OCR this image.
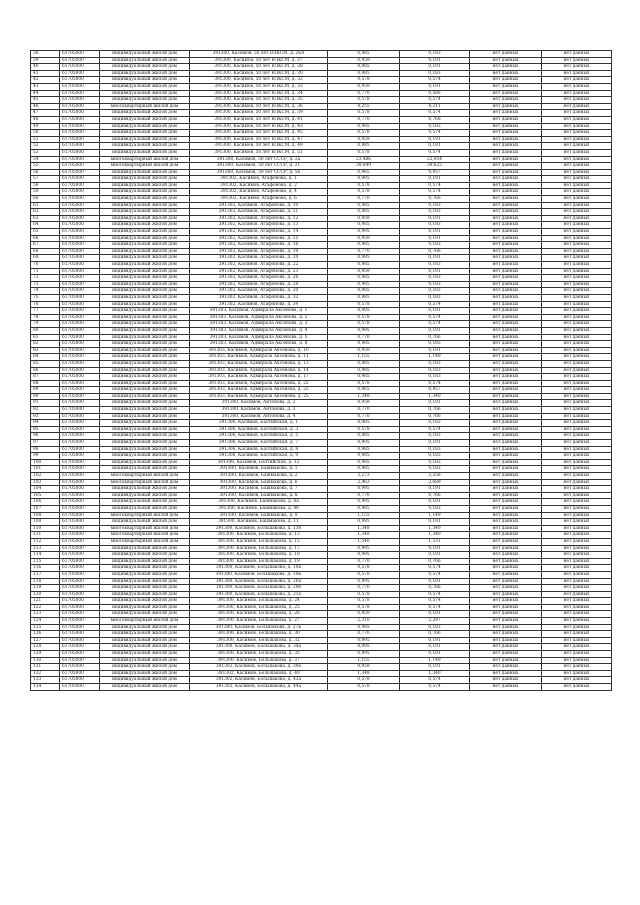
38	61705000	индивидуальный жилой дом	391300, Касимов, 50 лет ВЛКСМ, д. 26А	0,985	0,183	нет данных	нет данных
39	61705000	индивидуальный жилой дом	391300, Касимов, 50 лет ВЛКСМ, д. 27	0,959	0,191	нет данных	нет данных
40	61705000	индивидуальный жилой дом	391300, Касимов, 50 лет ВЛКСМ, д. 28	0,985	0,191	нет данных	нет данных
41	61705000	индивидуальный жилой дом	391300, Касимов, 50 лет ВЛКСМ, д. 30	0,985	0,183	нет данных	нет данных
42	61705000	индивидуальный жилой дом	391300, Касимов, 50 лет ВЛКСМ, д. 32	0,578	0,574	нет данных	нет данных
43	61705000	индивидуальный жилой дом	391300, Касимов, 50 лет ВЛКСМ, д. 33	0,959	0,191	нет данных	нет данных
44	61705000	индивидуальный жилой дом	391300, Касимов, 50 лет ВЛКСМ, д. 34	0,770	0,566	нет данных	нет данных
45	61705000	индивидуальный жилой дом	391300, Касимов, 50 лет ВЛКСМ, д. 35	0,578	0,574	нет данных	нет данных
46	61705000	многоквартирный жилой дом	391300, Касимов, 50 лет ВЛКСМ, д. 36	4,255	4,211	нет данных	нет данных
47	61705000	индивидуальный жилой дом	391300, Касимов, 50 лет ВЛКСМ, д. 39	0,578	0,574	нет данных	нет данных
48	61705000	индивидуальный жилой дом	391300, Касимов, 50 лет ВЛКСМ, д. 41	0,770	0,768	нет данных	нет данных
49	61705000	индивидуальный жилой дом	391300, Касимов, 50 лет ВЛКСМ, д. 43	0,985	0,183	нет данных	нет данных
50	61705000	индивидуальный жилой дом	391300, Касимов, 50 лет ВЛКСМ, д. 45	0,578	0,574	нет данных	нет данных
51	61705000	индивидуальный жилой дом	391300, Касимов, 50 лет ВЛКСМ, д. 47	0,959	0,191	нет данных	нет данных
52	61705000	индивидуальный жилой дом	391300, Касимов, 50 лет ВЛКСМ, д. 49	0,985	0,191	нет данных	нет данных
53	61705000	индивидуальный жилой дом	391300, Касимов, 50 лет ВЛКСМ, д. 51	0,578	0,574	нет данных	нет данных
54	61705000	многоквартирный жилой дом	391300, Касимов, 50 лет СССР, д. 2а	23,486	22,954	нет данных	нет данных
55	61705000	многоквартирный жилой дом	391300, Касимов, 50 лет СССР, д. 21	39,849	39,625	нет данных	нет данных
56	61705000	индивидуальный жилой дом	391300, Касимов, 50 лет СССР, д. 56	0,965	0,957	нет данных	нет данных
57	61705000	индивидуальный жилой дом	391302, Касимов, Агафонова, д. 1	0,995	0,191	нет данных	нет данных
58	61705000	индивидуальный жилой дом	391302, Касимов, Агафонова, д. 2	0,578	0,574	нет данных	нет данных
59	61705000	индивидуальный жилой дом	391302, Касимов, Агафонова, д. 4	0,578	0,574	нет данных	нет данных
60	61705000	индивидуальный жилой дом	391302, Касимов, Агафонова, д. 6	0,770	0,766	нет данных	нет данных
61	61705000	индивидуальный жилой дом	391302, Касимов, Агафонова, д. 10	0,985	0,183	нет данных	нет данных
62	61705000	индивидуальный жилой дом	391302, Касимов, Агафонова, д. 11	0,985	0,183	нет данных	нет данных
63	61705000	индивидуальный жилой дом	391302, Касимов, Агафонова, д. 12	0,959	0,191	нет данных	нет данных
64	61705000	индивидуальный жилой дом	391302, Касимов, Агафонова, д. 13	0,985	0,183	нет данных	нет данных
65	61705000	индивидуальный жилой дом	391302, Касимов, Агафонова, д. 14	0,995	0,191	нет данных	нет данных
66	61705000	индивидуальный жилой дом	391302, Касимов, Агафонова, д. 15	0,959	0,191	нет данных	нет данных
67	61705000	индивидуальный жилой дом	391302, Касимов, Агафонова, д. 16	0,985	0,183	нет данных	нет данных
68	61705000	индивидуальный жилой дом	391302, Касимов, Агафонова, д. 19	0,770	0,766	нет данных	нет данных
69	61705000	индивидуальный жилой дом	391302, Касимов, Агафонова, д. 20	0,995	0,191	нет данных	нет данных
70	61705000	индивидуальный жилой дом	391302, Касимов, Агафонова, д. 22	0,985	0,183	нет данных	нет данных
71	61705000	индивидуальный жилой дом	391302, Касимов, Агафонова, д. 23	0,959	0,191	нет данных	нет данных
72	61705000	индивидуальный жилой дом	391302, Касимов, Агафонова, д. 26	0,985	0,183	нет данных	нет данных
73	61705000	индивидуальный жилой дом	391302, Касимов, Агафонова, д. 28	0,985	0,183	нет данных	нет данных
74	61705000	индивидуальный жилой дом	391302, Касимов, Агафонова, д. 30	0,985	0,183	нет данных	нет данных
75	61705000	индивидуальный жилой дом	391302, Касимов, Агафонова, д. 32	0,985	0,183	нет данных	нет данных
76	61705000	индивидуальный жилой дом	391302, Касимов, Агафонова, д. 34	0,578	0,574	нет данных	нет данных
77	61705000	индивидуальный жилой дом	391303, Касимов, Адмирала Аксенова, д. 1	0,995	0,191	нет данных	нет данных
78	61705000	индивидуальный жилой дом	391303, Касимов, Адмирала Аксенова, д. 2	0,578	0,574	нет данных	нет данных
79	61705000	индивидуальный жилой дом	391303, Касимов, Адмирала Аксенова, д. 3	0,578	0,574	нет данных	нет данных
80	61705000	индивидуальный жилой дом	391303, Касимов, Адмирала Аксенова, д. 4	0,995	0,191	нет данных	нет данных
81	61705000	индивидуальный жилой дом	391303, Касимов, Адмирала Аксенова, д. 5	0,770	0,766	нет данных	нет данных
82	61705000	индивидуальный жилой дом	391303, Касимов, Адмирала Аксенова, д. 8	0,985	0,183	нет данных	нет данных
83	61705000	индивидуальный жилой дом	391303, Касимов, Адмирала Аксенова, д. 10	0,959	0,191	нет данных	нет данных
84	61705000	индивидуальный жилой дом	391303, Касимов, Адмирала Аксенова, д. 11	1,155	1,149	нет данных	нет данных
85	61705000	индивидуальный жилой дом	391303, Касимов, Адмирала Аксенова, д. 13	0,985	0,183	нет данных	нет данных
86	61705000	индивидуальный жилой дом	391303, Касимов, Адмирала Аксенова, д. 14	0,985	0,183	нет данных	нет данных
87	61705000	индивидуальный жилой дом	391303, Касимов, Адмирала Аксенова, д. 17	0,985	0,183	нет данных	нет данных
88	61705000	индивидуальный жилой дом	391303, Касимов, Адмирала Аксенова, д. 22	0,578	0,574	нет данных	нет данных
89	61705000	индивидуальный жилой дом	391303, Касимов, Адмирала Аксенова, д. 23	0,965	0,957	нет данных	нет данных
90	61705000	индивидуальный жилой дом	391303, Касимов, Адмирала Аксенова, д. 25	1,348	1,340	нет данных	нет данных
91	61705000	индивидуальный жилой дом	391300, Касимов, Антонова, д. 2	0,959	0,191	нет данных	нет данных
92	61705000	индивидуальный жилой дом	391300, Касимов, Антонова, д. 3	0,770	0,766	нет данных	нет данных
93	61705000	индивидуальный жилой дом	391300, Касимов, Антонова, д. 4	0,770	0,766	нет данных	нет данных
94	61705000	индивидуальный жилой дом	391306, Касимов, Балтийская, д. 1	0,985	0,183	нет данных	нет данных
95	61705000	индивидуальный жилой дом	391306, Касимов, Балтийская, д. 3	0,578	0,574	нет данных	нет данных
96	61705000	индивидуальный жилой дом	391306, Касимов, Балтийская, д. 5	0,985	0,183	нет данных	нет данных
97	61705000	индивидуальный жилой дом	391306, Касимов, Балтийская, д. 7	0,995	0,191	нет данных	нет данных
98	61705000	индивидуальный жилой дом	391306, Касимов, Балтийская, д. 8	0,985	0,183	нет данных	нет данных
99	61705000	индивидуальный жилой дом	391306, Касимов, Балтийская, д. 9	0,985	0,183	нет данных	нет данных
100	61705000	индивидуальный жилой дом	391306, Касимов, Балтийская, д. 12	0,985	0,183	нет данных	нет данных
101	61705000	индивидуальный жилой дом	391300, Касимов, Башмакова, д. 1	0,985	0,183	нет данных	нет данных
102	61705000	многоквартирный жилой дом	391300, Касимов, Башмакова, д. 2	3,273	3,258	нет данных	нет данных
103	61705000	многоквартирный жилой дом	391300, Касимов, Башмакова, д. 6	2,963	2,689	нет данных	нет данных
104	61705000	индивидуальный жилой дом	391300, Касимов, Башмакова, д. 7	0,995	0,191	нет данных	нет данных
105	61705000	индивидуальный жилой дом	391300, Касимов, Башмакова, д. 8	0,770	0,766	нет данных	нет данных
106	61705000	индивидуальный жилой дом	391300, Касимов, Башмакова, д. 8а	0,995	0,191	нет данных	нет данных
107	61705000	индивидуальный жилой дом	391300, Касимов, Башмакова, д. 8б	0,985	0,183	нет данных	нет данных
108	61705000	многоквартирный жилой дом	391300, Касимов, Башмакова, д. 9	1,155	1,149	нет данных	нет данных
109	61705000	индивидуальный жилой дом	391300, Касимов, Башмакова, д. 11	0,995	0,191	нет данных	нет данных
110	61705000	многоквартирный жилой дом	391300, Касимов, Большакова, д. 11б	1,348	1,340	нет данных	нет данных
111	61705000	многоквартирный жилой дом	391300, Касимов, Большакова, д. 13	1,348	1,340	нет данных	нет данных
112	61705000	многоквартирный жилой дом	391300, Касимов, Большакова, д. 15	1,540	1,531	нет данных	нет данных
113	61705000	индивидуальный жилой дом	391300, Касимов, Большакова, д. 17	0,995	0,191	нет данных	нет данных
114	61705000	индивидуальный жилой дом	391300, Касимов, Большакова, д. 18	0,995	0,191	нет данных	нет данных
115	61705000	индивидуальный жилой дом	391300, Касимов, Большакова, д. 19	0,770	0,766	нет данных	нет данных
116	61705000	индивидуальный жилой дом	391300, Касимов, Большакова, д. 19а	0,578	0,574	нет данных	нет данных
117	61705000	индивидуальный жилой дом	391300, Касимов, Большакова, д. 19Б	0,578	0,574	нет данных	нет данных
118	61705000	индивидуальный жилой дом	391300, Касимов, Большакова, д. 20а	0,995	0,191	нет данных	нет данных
119	61705000	индивидуальный жилой дом	391300, Касимов, Большакова, д. 20б	0,770	0,766	нет данных	нет данных
120	61705000	индивидуальный жилой дом	391300, Касимов, Большакова, д. 21а	0,578	0,574	нет данных	нет данных
121	61705000	индивидуальный жилой дом	391300, Касимов, Большакова, д. 24	0,578	0,574	нет данных	нет данных
122	61705000	индивидуальный жилой дом	391300, Касимов, Большакова, д. 25	0,578	0,574	нет данных	нет данных
123	61705000	индивидуальный жилой дом	391300, Касимов, Большакова, д. 26	0,959	0,191	нет данных	нет данных
124	61705000	многоквартирный жилой дом	391300, Касимов, Большакова, д. 27	2,310	2,297	нет данных	нет данных
125	61705000	индивидуальный жилой дом	391300, Касимов, Большакова, д. 27Б	0,985	0,183	нет данных	нет данных
126	61705000	индивидуальный жилой дом	391300, Касимов, Большакова, д. 30	0,770	0,766	нет данных	нет данных
127	61705000	индивидуальный жилой дом	391300, Касимов, Большакова, д. 32	0,995	0,191	нет данных	нет данных
128	61705000	индивидуальный жилой дом	391300, Касимов, Большакова, д. 34а	0,995	0,191	нет данных	нет данных
129	61705000	индивидуальный жилой дом	391300, Касимов, Большакова, д. 35	0,995	0,191	нет данных	нет данных
130	61705000	индивидуальный жилой дом	391300, Касимов, Большакова, д. 37	1,155	1,149	нет данных	нет данных
131	61705000	индивидуальный жилой дом	391302, Касимов, Большакова, д. 39а	0,959	0,191	нет данных	нет данных
132	61705000	индивидуальный жилой дом	391302, Касимов, Большакова, д. 40	1,348	1,340	нет данных	нет данных
133	61705000	индивидуальный жилой дом	391302, Касимов, Большакова, д. 43а	0,578	0,574	нет данных	нет данных
134	61705000	индивидуальный жилой дом	391302, Касимов, Большакова, д. 44а	0,578	0,574	нет данных	нет данных
